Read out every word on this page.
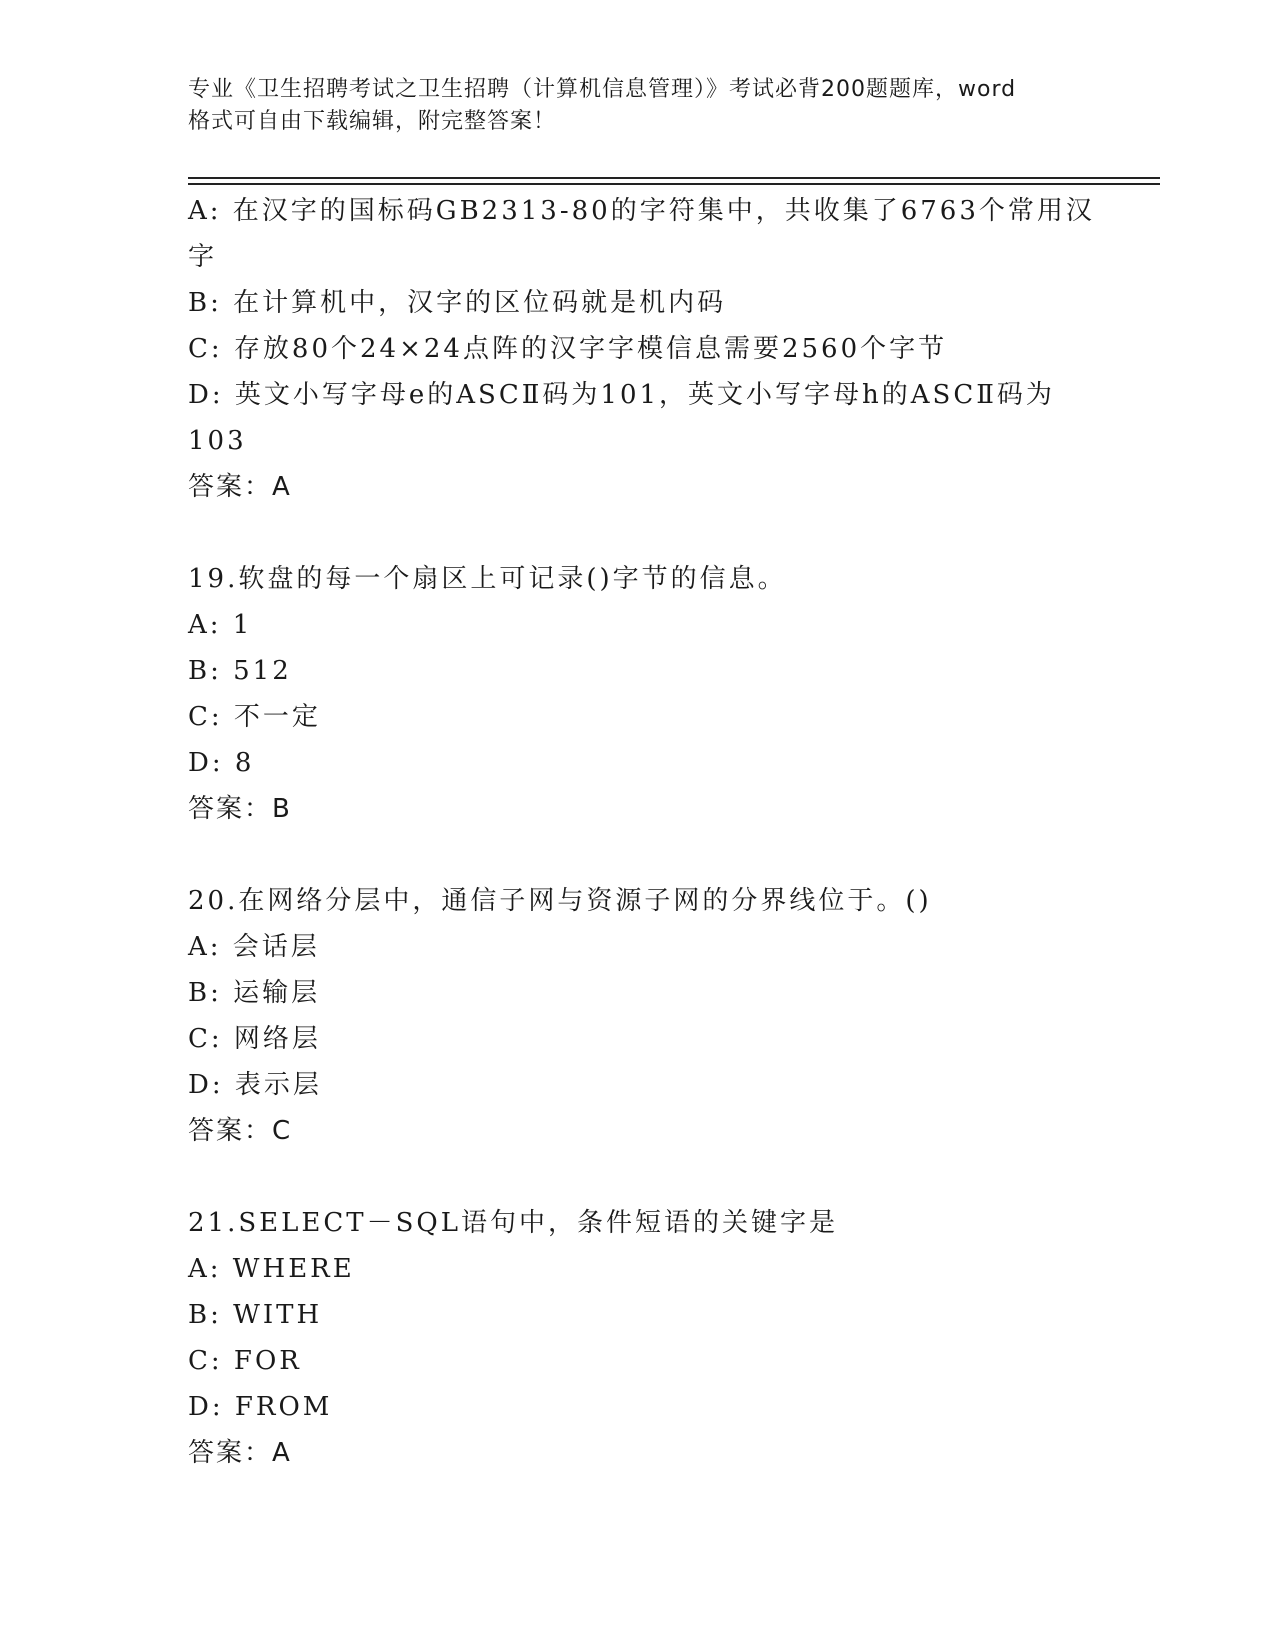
专业《卫生招聘考试之卫生招聘（计算机信息管理）》考试必背200题题库，word
格式可自由下载编辑，附完整答案！
A: 在汉字的国标码GB2313-80的字符集中，共收集了6763个常用汉
字
B: 在计算机中，汉字的区位码就是机内码
C: 存放80个24×24点阵的汉字字模信息需要2560个字节
D: 英文小写字母e的ASCⅡ码为101，英文小写字母h的ASCⅡ码为
103
答案：A
19.软盘的每一个扇区上可记录()字节的信息。
A: 1
B: 512
C: 不一定
D: 8
答案：B
20.在网络分层中，通信子网与资源子网的分界线位于。()
A: 会话层
B: 运输层
C: 网络层
D: 表示层
答案：C
21.SELECT－SQL语句中，条件短语的关键字是
A: WHERE
B: WITH
C: FOR
D: FROM
答案：A
